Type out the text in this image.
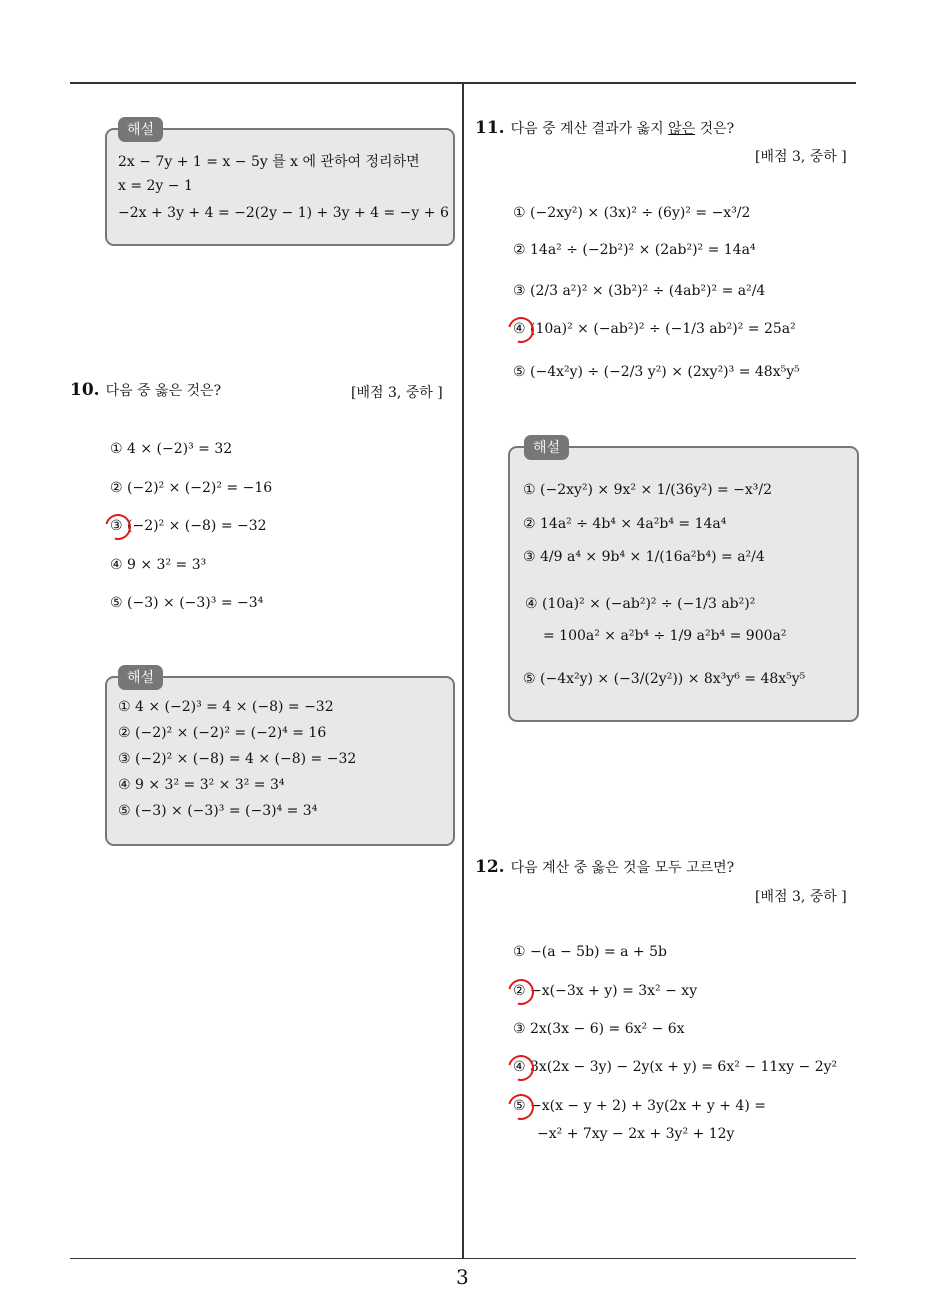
2x − 7y + 1 = x − 5y 를 x 에 관하여 정리하면
x = 2y − 1
−2x + 3y + 4 = −2(2y − 1) + 3y + 4 = −y + 6
해설
10. 다음 중 옳은 것은?	[배점 3, 중하 ]
① 4 × (−2)³ = 32
② (−2)² × (−2)² = −16
③ (−2)² × (−8) = −32
④ 9 × 3² = 3³
⑤ (−3) × (−3)³ = −3⁴
① 4 × (−2)³ = 4 × (−8) = −32
② (−2)² × (−2)² = (−2)⁴ = 16
③ (−2)² × (−8) = 4 × (−8) = −32
④ 9 × 3² = 3² × 3² = 3⁴
⑤ (−3) × (−3)³ = (−3)⁴ = 3⁴
해설
11. 다음 중 계산 결과가 옳지 않은 것은?
[배점 3, 중하 ]
① (−2xy²) × (3x)² ÷ (6y)² = −x³/2
② 14a² ÷ (−2b²)² × (2ab²)² = 14a⁴
③ (2/3 a²)² × (3b²)² ÷ (4ab²)² = a²/4
④ (10a)² × (−ab²)² ÷ (−1/3 ab²)² = 25a²
⑤ (−4x²y) ÷ (−2/3 y²) × (2xy²)³ = 48x⁵y⁵
① (−2xy²) × 9x² × 1/(36y²) = −x³/2
② 14a² ÷ 4b⁴ × 4a²b⁴ = 14a⁴
③ 4/9 a⁴ × 9b⁴ × 1/(16a²b⁴) = a²/4
④ (10a)² × (−ab²)² ÷ (−1/3 ab²)²
= 100a² × a²b⁴ ÷ 1/9 a²b⁴ = 900a²
⑤ (−4x²y) × (−3/(2y²)) × 8x³y⁶ = 48x⁵y⁵
해설
12. 다음 계산 중 옳은 것을 모두 고르면?
[배점 3, 중하 ]
① −(a − 5b) = a + 5b
② −x(−3x + y) = 3x² − xy
③ 2x(3x − 6) = 6x² − 6x
④ 3x(2x − 3y) − 2y(x + y) = 6x² − 11xy − 2y²
⑤ −x(x − y + 2) + 3y(2x + y + 4) =
−x² + 7xy − 2x + 3y² + 12y
3
